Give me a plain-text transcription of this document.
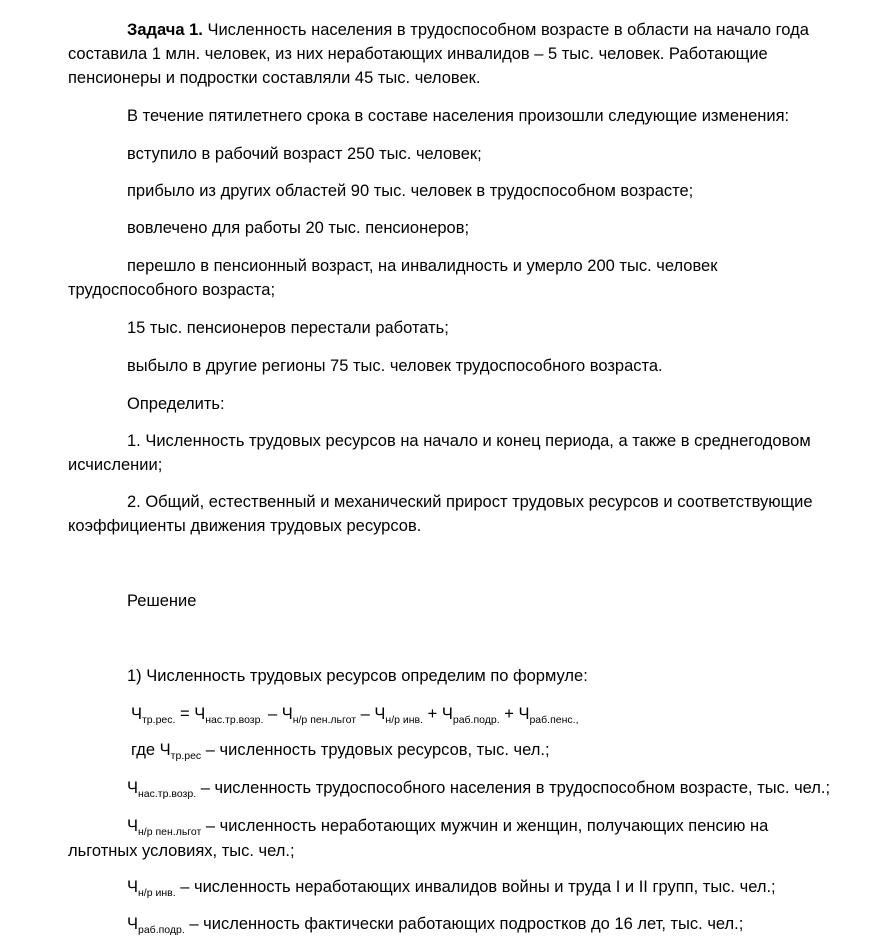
Задача 1. Численность населения в трудоспособном возрасте в области на начало года
составила 1 млн. человек, из них неработающих инвалидов – 5 тыс. человек. Работающие
пенсионеры и подростки составляли 45 тыс. человек.
В течение пятилетнего срока в составе населения произошли следующие изменения:
вступило в рабочий возраст 250 тыс. человек;
прибыло из других областей 90 тыс. человек в трудоспособном возрасте;
вовлечено для работы 20 тыс. пенсионеров;
перешло в пенсионный возраст, на инвалидность и умерло 200 тыс. человек
трудоспособного возраста;
15 тыс. пенсионеров перестали работать;
выбыло в другие регионы 75 тыс. человек трудоспособного возраста.
Определить:
1. Численность трудовых ресурсов на начало и конец периода, а также в среднегодовом
исчислении;
2. Общий, естественный и механический прирост трудовых ресурсов и соответствующие
коэффициенты движения трудовых ресурсов.
Решение
1) Численность трудовых ресурсов определим по формуле:
$Ч_{тр.рес.} = Ч_{нас.тр.возр.} - Ч_{н/р пен.льгот} - Ч_{н/р инв.} + Ч_{раб.подр.} + Ч_{раб.пенс.,}$
где $Ч_{тр.рес}$ – численность трудовых ресурсов, тыс. чел.;
$Ч_{нас.тр.возр.}$ – численность трудоспособного населения в трудоспособном возрасте, тыс. чел.;
$Ч_{н/р пен.льгот}$ – численность неработающих мужчин и женщин, получающих пенсию на
льготных условиях, тыс. чел.;
$Ч_{н/р инв.}$ – численность неработающих инвалидов войны и труда I и II групп, тыс. чел.;
$Ч_{раб.подр.}$ – численность фактически работающих подростков до 16 лет, тыс. чел.;
